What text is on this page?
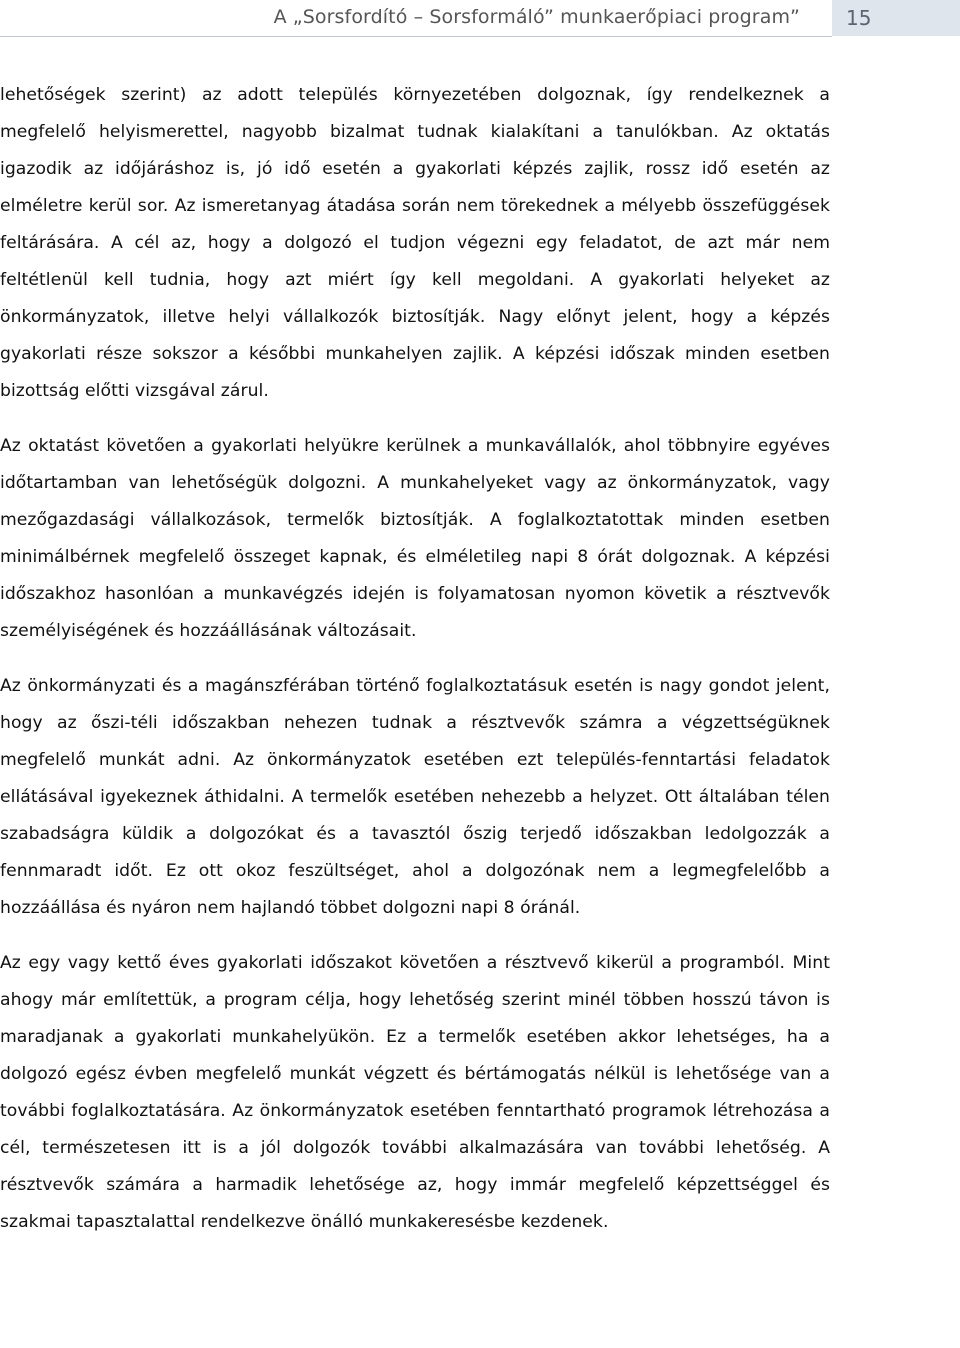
A „Sorsfordító – Sorsformáló” munkaerőpiaci program”	15

lehetőségek szerint) az adott település környezetében dolgoznak, így rendelkeznek a megfelelő helyismerettel, nagyobb bizalmat tudnak kialakítani a tanulókban. Az oktatás igazodik az időjáráshoz is, jó idő esetén a gyakorlati képzés zajlik, rossz idő esetén az elméletre kerül sor. Az ismeretanyag átadása során nem törekednek a mélyebb összefüggések feltárására. A cél az, hogy a dolgozó el tudjon végezni egy feladatot, de azt már nem feltétlenül kell tudnia, hogy azt miért így kell megoldani. A gyakorlati helyeket az önkormányzatok, illetve helyi vállalkozók biztosítják. Nagy előnyt jelent, hogy a képzés gyakorlati része sokszor a későbbi munkahelyen zajlik. A képzési időszak minden esetben bizottság előtti vizsgával zárul.

Az oktatást követően a gyakorlati helyükre kerülnek a munkavállalók, ahol többnyire egyéves időtartamban van lehetőségük dolgozni. A munkahelyeket vagy az önkormányzatok, vagy mezőgazdasági vállalkozások, termelők biztosítják. A foglalkoztatottak minden esetben minimálbérnek megfelelő összeget kapnak, és elméletileg napi 8 órát dolgoznak. A képzési időszakhoz hasonlóan a munkavégzés idején is folyamatosan nyomon követik a résztvevők személyiségének és hozzáállásának változásait.

Az önkormányzati és a magánszférában történő foglalkoztatásuk esetén is nagy gondot jelent, hogy az őszi-téli időszakban nehezen tudnak a résztvevők számra a végzettségüknek megfelelő munkát adni. Az önkormányzatok esetében ezt település-fenntartási feladatok ellátásával igyekeznek áthidalni. A termelők esetében nehezebb a helyzet. Ott általában télen szabadságra küldik a dolgozókat és a tavasztól őszig terjedő időszakban ledolgozzák a fennmaradt időt. Ez ott okoz feszültséget, ahol a dolgozónak nem a legmegfelelőbb a hozzáállása és nyáron nem hajlandó többet dolgozni napi 8 óránál.

Az egy vagy kettő éves gyakorlati időszakot követően a résztvevő kikerül a programból. Mint ahogy már említettük, a program célja, hogy lehetőség szerint minél többen hosszú távon is maradjanak a gyakorlati munkahelyükön. Ez a termelők esetében akkor lehetséges, ha a dolgozó egész évben megfelelő munkát végzett és bértámogatás nélkül is lehetősége van a további foglalkoztatására. Az önkormányzatok esetében fenntartható programok létrehozása a cél, természetesen itt is a jól dolgozók további alkalmazására van további lehetőség. A résztvevők számára a harmadik lehetősége az, hogy immár megfelelő képzettséggel és szakmai tapasztalattal rendelkezve önálló munkakeresésbe kezdenek.
